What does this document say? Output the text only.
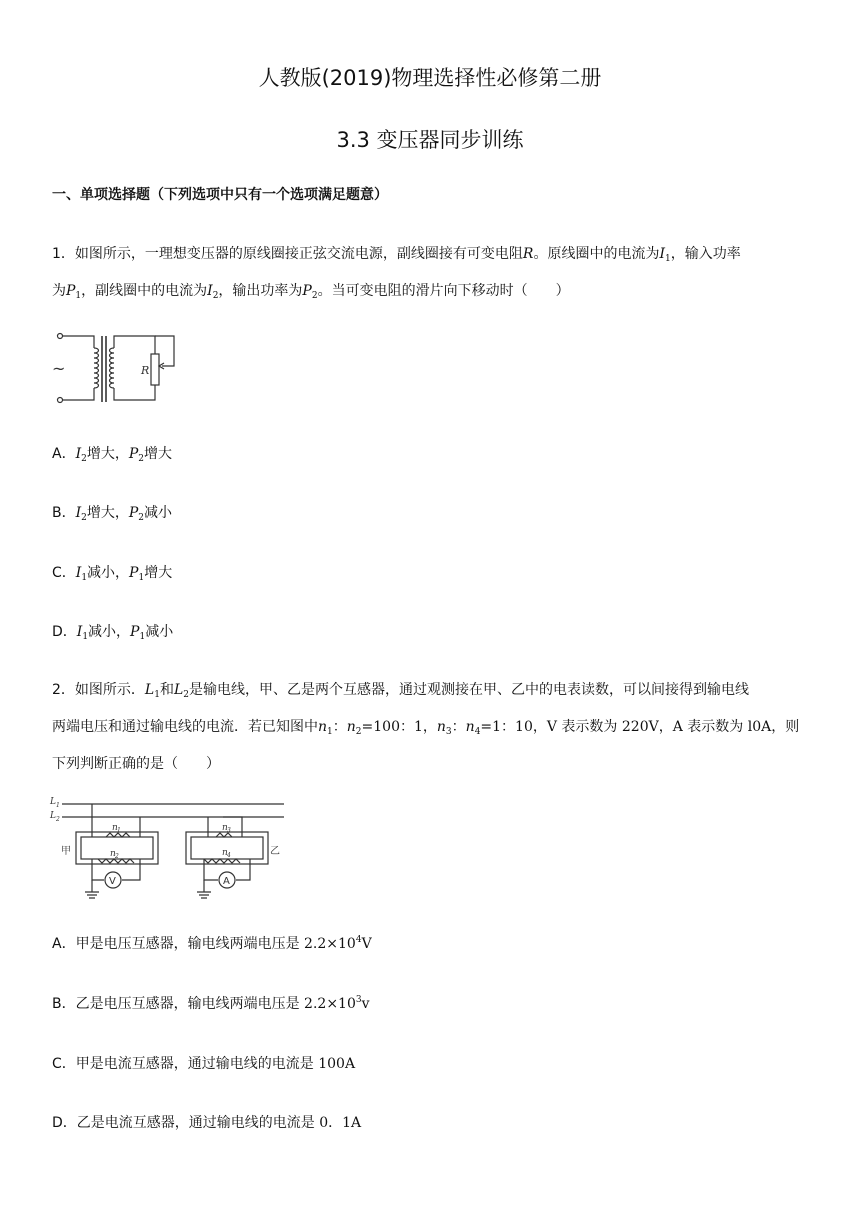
人教版(2019)物理选择性必修第二册
3.3 变压器同步训练
一、单项选择题（下列选项中只有一个选项满足题意）
1．如图所示，一理想变压器的原线圈接正弦交流电源，副线圈接有可变电阻R。原线圈中的电流为$I_1$，输入功率
为$P_1$，副线圈中的电流为$I_2$，输出功率为$P_2$。当可变电阻的滑片向下移动时（　　）
~	R
A．$I_2$增大，$P_2$增大
B．$I_2$增大，$P_2$减小
C．$I_1$减小，$P_1$增大
D．$I_1$减小，$P_1$减小
2．如图所示．$L_1$和$L_2$是输电线，甲、乙是两个互感器，通过观测接在甲、乙中的电表读数，可以间接得到输电线
两端电压和通过输电线的电流．若已知图中$n_1$：$n_2=100$：1，$n_3$：$n_4=1$：10，V 表示数为 220V，A 表示数为 l0A，则
下列判断正确的是（　　）
L 1
L 2
n 1
n 2
n 3
n 4
甲	乙
V	A
A．甲是电压互感器，输电线两端电压是 $2.2\times 10^4V$
B．乙是电压互感器，输电线两端电压是 $2.2\times 10^3v$
C．甲是电流互感器，通过输电线的电流是 100A
D．乙是电流互感器，通过输电线的电流是 0．1A
